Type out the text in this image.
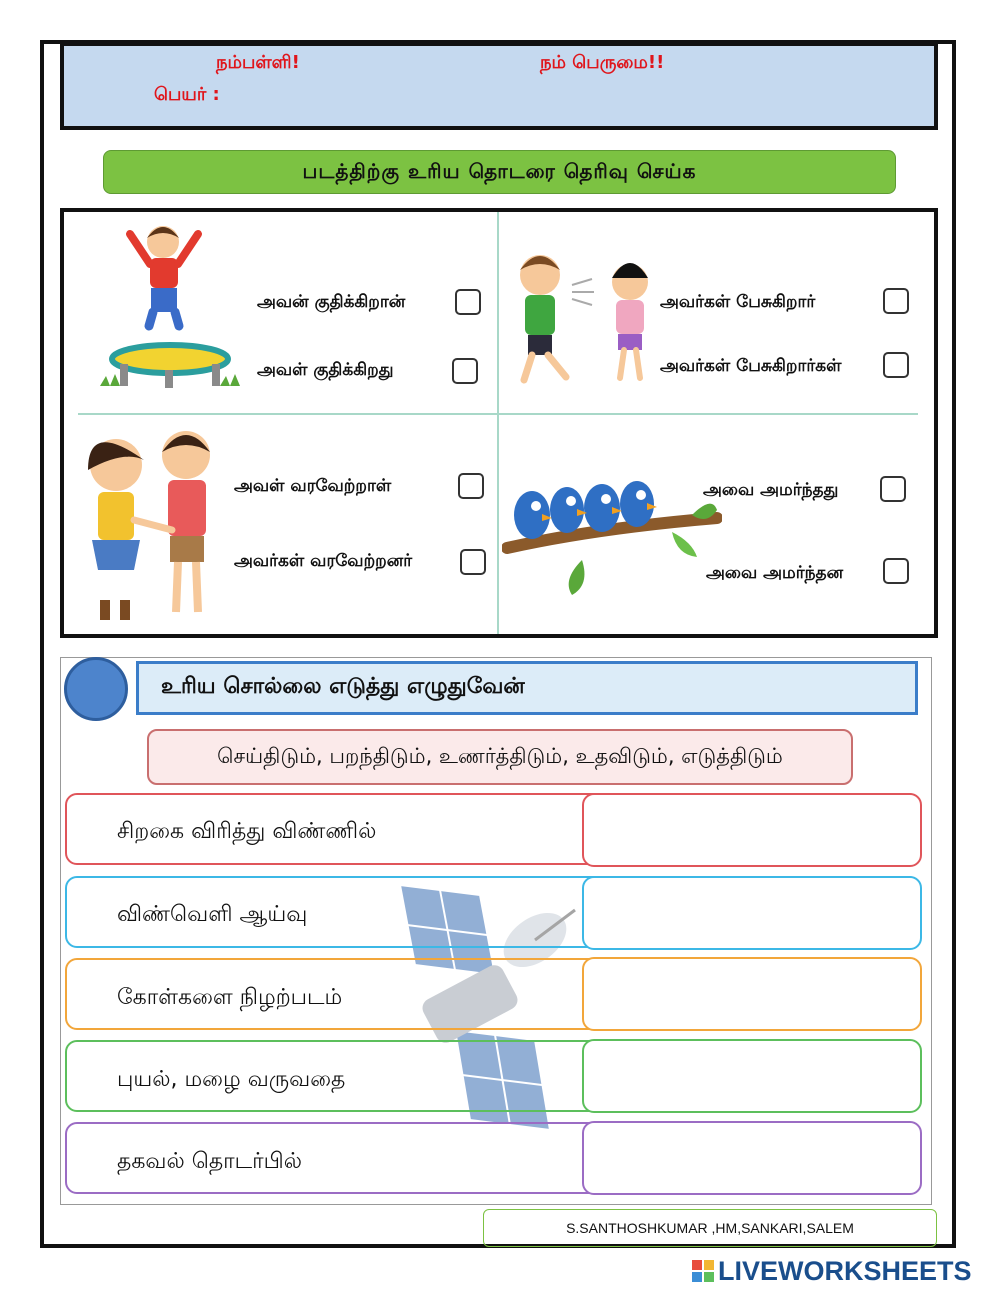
நம்பள்ளி!	நம் பெருமை!!
பெயர் :
படத்திற்கு உரிய தொடரை தெரிவு செய்க
அவன் குதிக்கிறான்
அவள் குதிக்கிறது
அவர்கள் பேசுகிறார்
அவர்கள் பேசுகிறார்கள்
அவள் வரவேற்றாள்
அவர்கள் வரவேற்றனர்
அவை அமர்ந்தது
அவை அமர்ந்தன
உரிய சொல்லை எடுத்து எழுதுவேன்
செய்திடும், பறந்திடும், உணர்த்திடும், உதவிடும், எடுத்திடும்
சிறகை விரித்து விண்ணில்
விண்வெளி ஆய்வு
கோள்களை நிழற்படம்
புயல், மழை வருவதை
தகவல் தொடர்பில்
S.SANTHOSHKUMAR ,HM,SANKARI,SALEM
LIVEWORKSHEETS
